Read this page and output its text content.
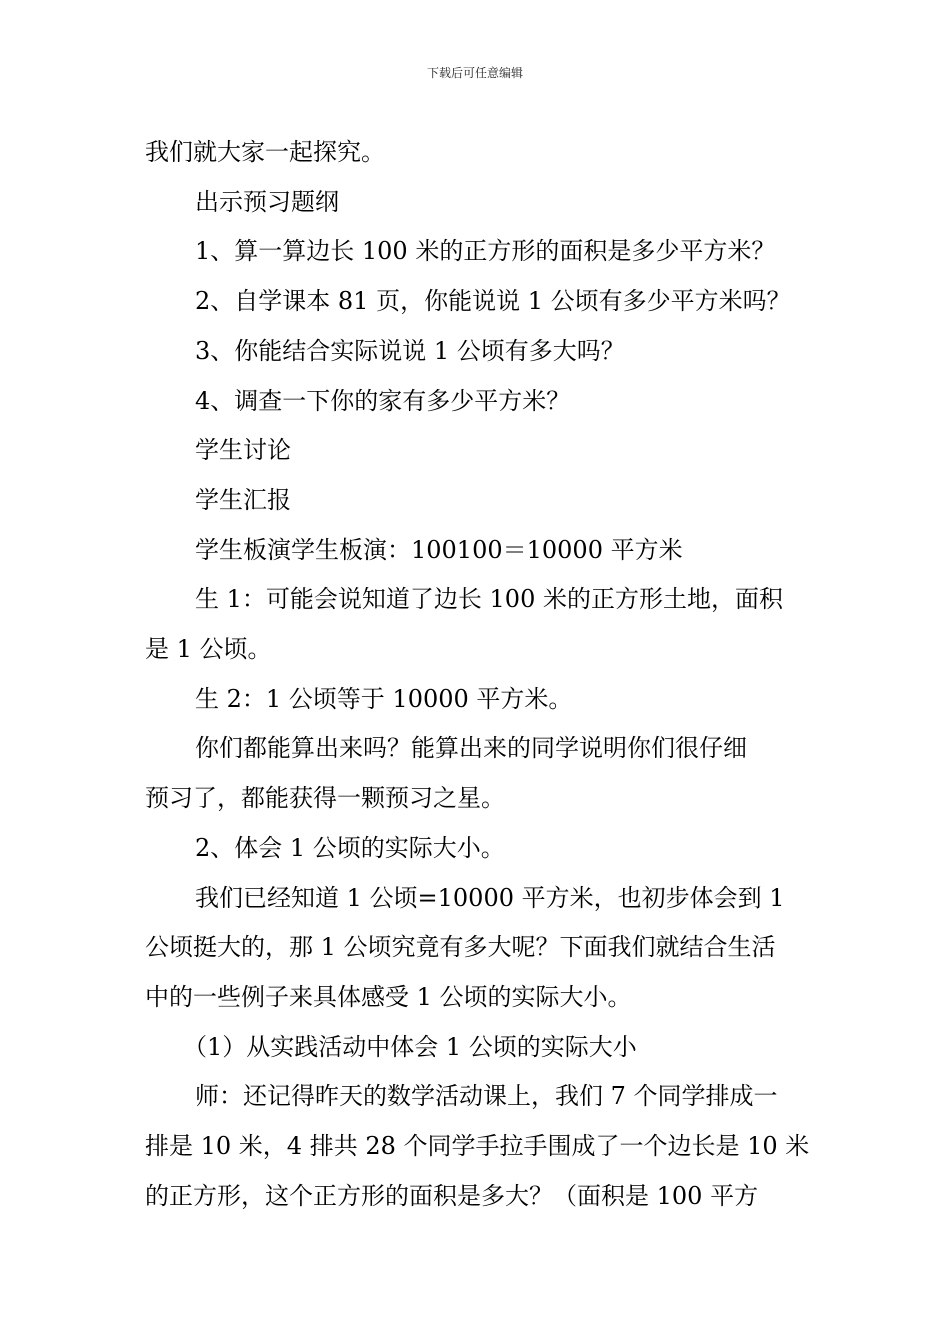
下载后可任意编辑

我们就大家一起探究。

出示预习题纲

1、算一算边长 100 米的正方形的面积是多少平方米？

2、自学课本 81 页，你能说说 1 公顷有多少平方米吗？

3、你能结合实际说说 1 公顷有多大吗？

4、调查一下你的家有多少平方米？

学生讨论

学生汇报

学生板演学生板演：100100＝10000 平方米

生 1：可能会说知道了边长 100 米的正方形土地，面积

是 1 公顷。

生 2：1 公顷等于 10000 平方米。

你们都能算出来吗？能算出来的同学说明你们很仔细

预习了，都能获得一颗预习之星。

2、体会 1 公顷的实际大小。

我们已经知道 1 公顷=10000 平方米，也初步体会到 1

公顷挺大的，那 1 公顷究竟有多大呢？下面我们就结合生活

中的一些例子来具体感受 1 公顷的实际大小。

（1）从实践活动中体会 1 公顷的实际大小

师：还记得昨天的数学活动课上，我们 7 个同学排成一

排是 10 米，4 排共 28 个同学手拉手围成了一个边长是 10 米

的正方形，这个正方形的面积是多大？（面积是 100 平方
